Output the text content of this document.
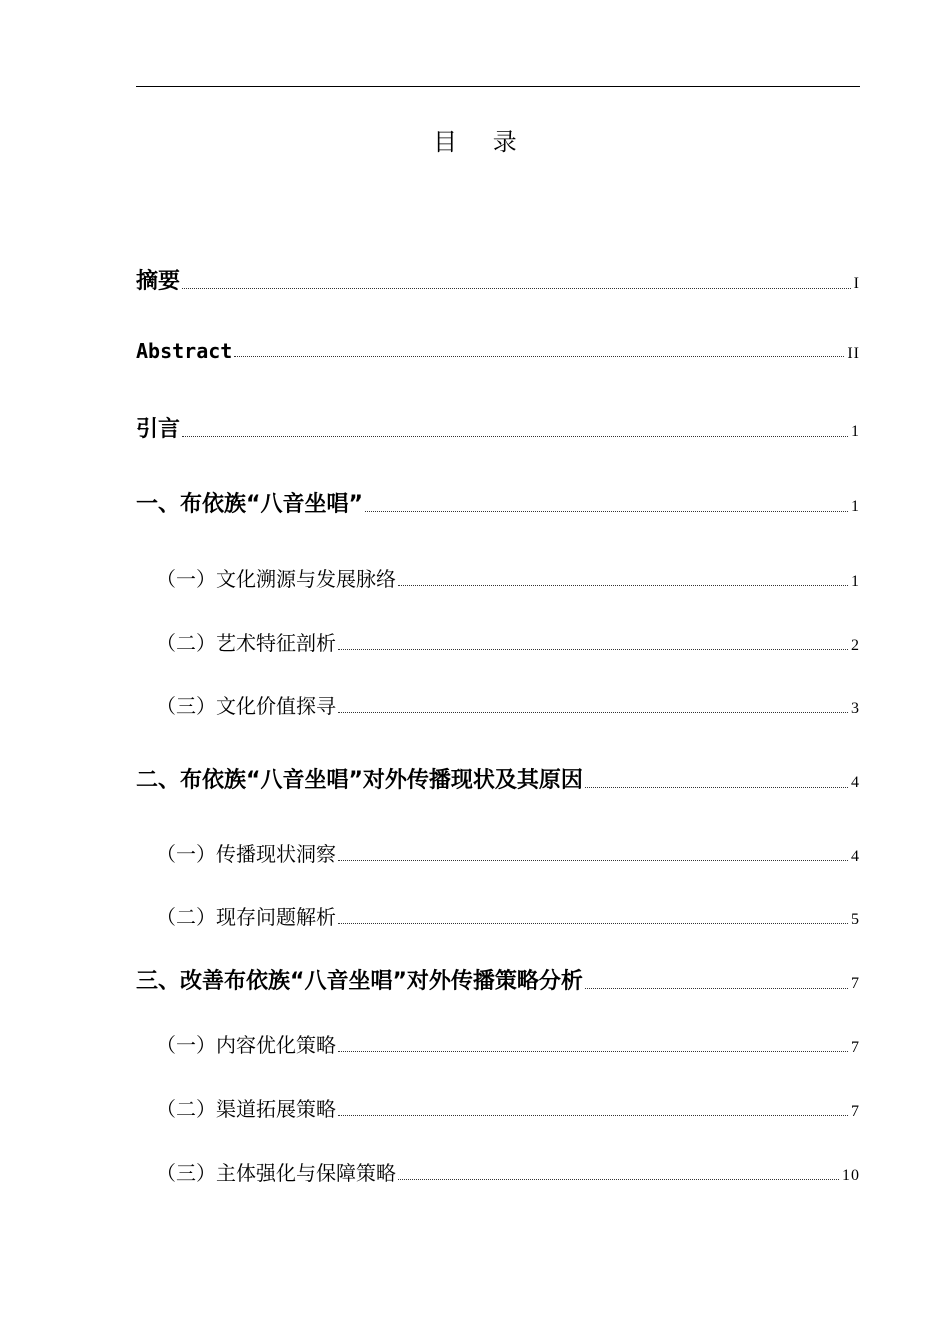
目 录
摘要	I
Abstract	II
引言	1
一、布依族“八音坐唱”	1
（一）文化溯源与发展脉络	1
（二）艺术特征剖析	2
（三）文化价值探寻	3
二、布依族“八音坐唱”对外传播现状及其原因	4
（一）传播现状洞察	4
（二）现存问题解析	5
三、改善布依族“八音坐唱”对外传播策略分析	7
（一）内容优化策略	7
（二）渠道拓展策略	7
（三）主体强化与保障策略	10
